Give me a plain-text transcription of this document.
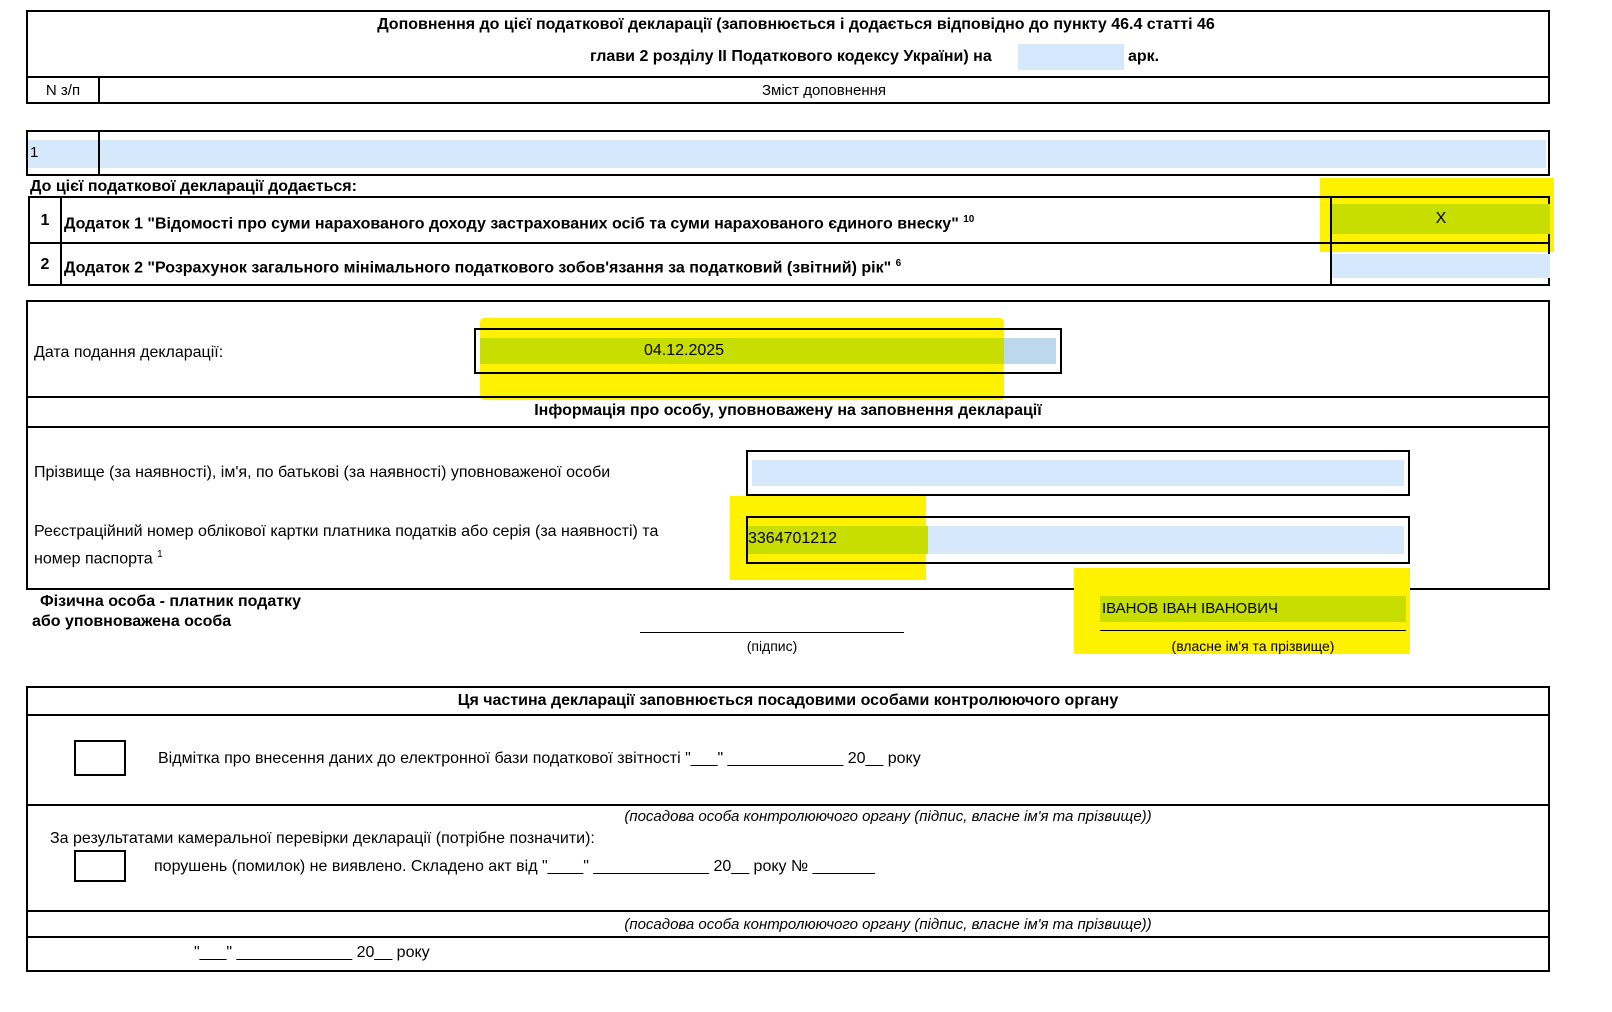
Доповнення до цієї податкової декларації (заповнюється і додається відповідно до пункту 46.4 статті 46
глави 2 розділу ІІ Податкового кодексу України) на	арк.
N з/п	Зміст доповнення
1
До цієї податкової декларації додається:
1 Додаток 1 "Відомості про суми нарахованого доходу застрахованих осіб та суми нарахованого єдиного внеску" $^{10}$	X
2 Додаток 2 "Розрахунок загального мінімального податкового зобов'язання за податковий (звітний) рік" $^6$
Дата подання декларації:	04.12.2025
Інформація про особу, уповноважену на заповнення декларації
Прізвище (за наявності), ім'я, по батькові (за наявності) уповноваженої особи
Реєстраційний номер облікової картки платника податків або серія (за наявності) та
номер паспорта $^1$
3364701212
Фізична особа - платник податку
або уповноважена особа
(підпис)
ІВАНОВ ІВАН ІВАНОВИЧ
(власне ім'я та прізвище)
Ця частина декларації заповнюється посадовими особами контролюючого органу
Відмітка про внесення даних до електронної бази податкової звітності "___" _____________ 20__ року
(посадова особа контролюючого органу (підпис, власне ім'я та прізвище))
За результатами камеральної перевірки декларації (потрібне позначити):
порушень (помилок) не виявлено. Складено акт від "____" _____________ 20__ року № _______
(посадова особа контролюючого органу (підпис, власне ім'я та прізвище))
"___" _____________ 20__ року
